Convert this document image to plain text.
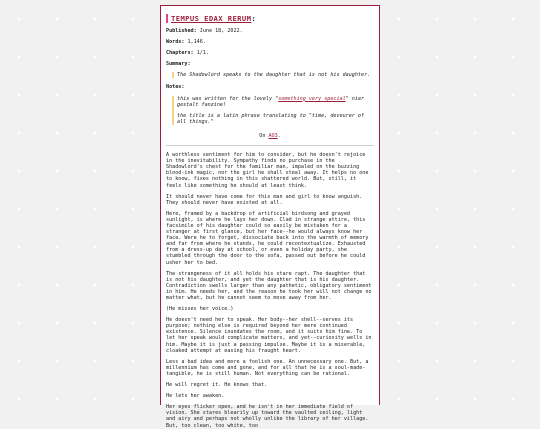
TEMPUS EDAX RERUM:
Published: June 18, 2022.
Words: 1,146.
Chapters: 1/1.
Summary:

The Shadowlord speaks to the daughter that is not his daughter.

Notes:

this was written for the lovely "something very special" nier gestalt fanzine!

the title is a latin phrase translating to "time, devourer of all things."

On AO3.

A worthless sentiment for him to consider, but he doesn't rejoice in the inevitability. Sympathy finds no purchase in the Shadowlord's chest for the familiar man, impaled on the buzzing blood-ink magic, nor the girl he shall steal away. It helps no one to know, fixes nothing in this shattered world. But, still, it feels like something he should at least think.

It should never have come for this man and girl to know anguish. They should never have existed at all.

Here, framed by a backdrop of artificial birdsong and grayed sunlight, is where he lays her down. Clad in strange attire, this facsimile of his daughter could so easily be mistaken for a stranger at first glance, but her face--he would always know her face. Were he to forget, dissociate back into the warmth of memory and far from where he stands, he could recontextualize. Exhausted from a dress-up day at school, or even a holiday party, she stumbled through the door to the sofa, passed out before he could usher her to bed.

The strangeness of it all holds his stare rapt. The daughter that is not his daughter, and yet the daughter that is his daughter. Contradiction swells larger than any pathetic, obligatory sentiment in him. He needs her, and the reason he took her will not change no matter what, but he cannot seem to move away from her.

(He misses her voice.)

He doesn't need her to speak. Her body--her shell--serves its purpose; nothing else is required beyond her mere continued existence. Silence inundates the room, and it suits him fine. To let her speak would complicate matters, and yet--curiosity wells in him. Maybe it is just a passing impulse. Maybe it is a miserable, cloaked attempt at easing his fraught heart.

Less a bad idea and more a foolish one. An unnecessary one. But, a millennium has come and gone, and for all that he is a soul-made-tangible, he is still human. Not everything can be rational.

He will regret it. He knows that.

He lets her awaken.

Her eyes flicker open, and he isn't in her immediate field of vision. She stares blearily up toward the vaulted ceiling, light and airy and perhaps not wholly unlike the library of her village. But, too clean, too white, too
